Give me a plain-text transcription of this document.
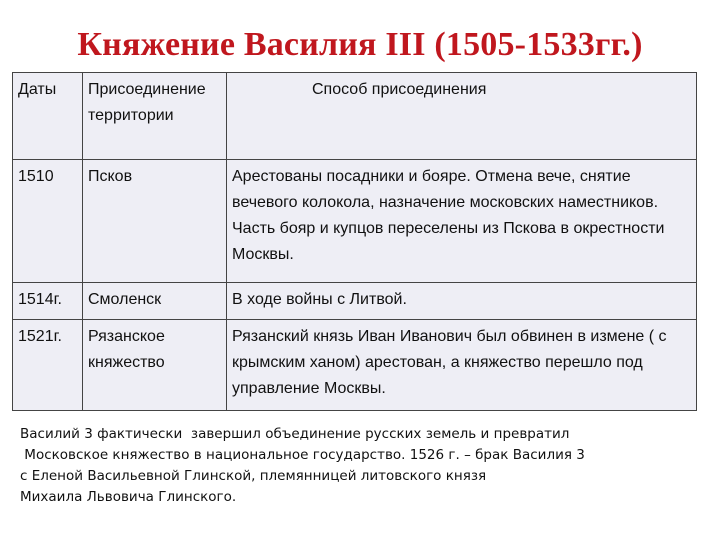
Княжение Василия III (1505-1533гг.)
Даты	Присоединение территории	Способ присоединения

1510	Псков	Арестованы посадники и бояре. Отмена вече, снятие вечевого колокола, назначение московских наместников. Часть бояр и купцов переселены из Пскова в окрестности Москвы.
1514г.	Смоленск	В ходе войны с Литвой.
1521г.	Рязанское княжество	Рязанский князь Иван Иванович был обвинен в измене ( с крымским ханом) арестован, а княжество перешло под управление Москвы.
Василий 3 фактически  завершил объединение русских земель и превратил
Московское княжество в национальное государство. 1526 г. – брак Василия 3
с Еленой Васильевной Глинской, племянницей литовского князя
Михаила Львовича Глинского.
